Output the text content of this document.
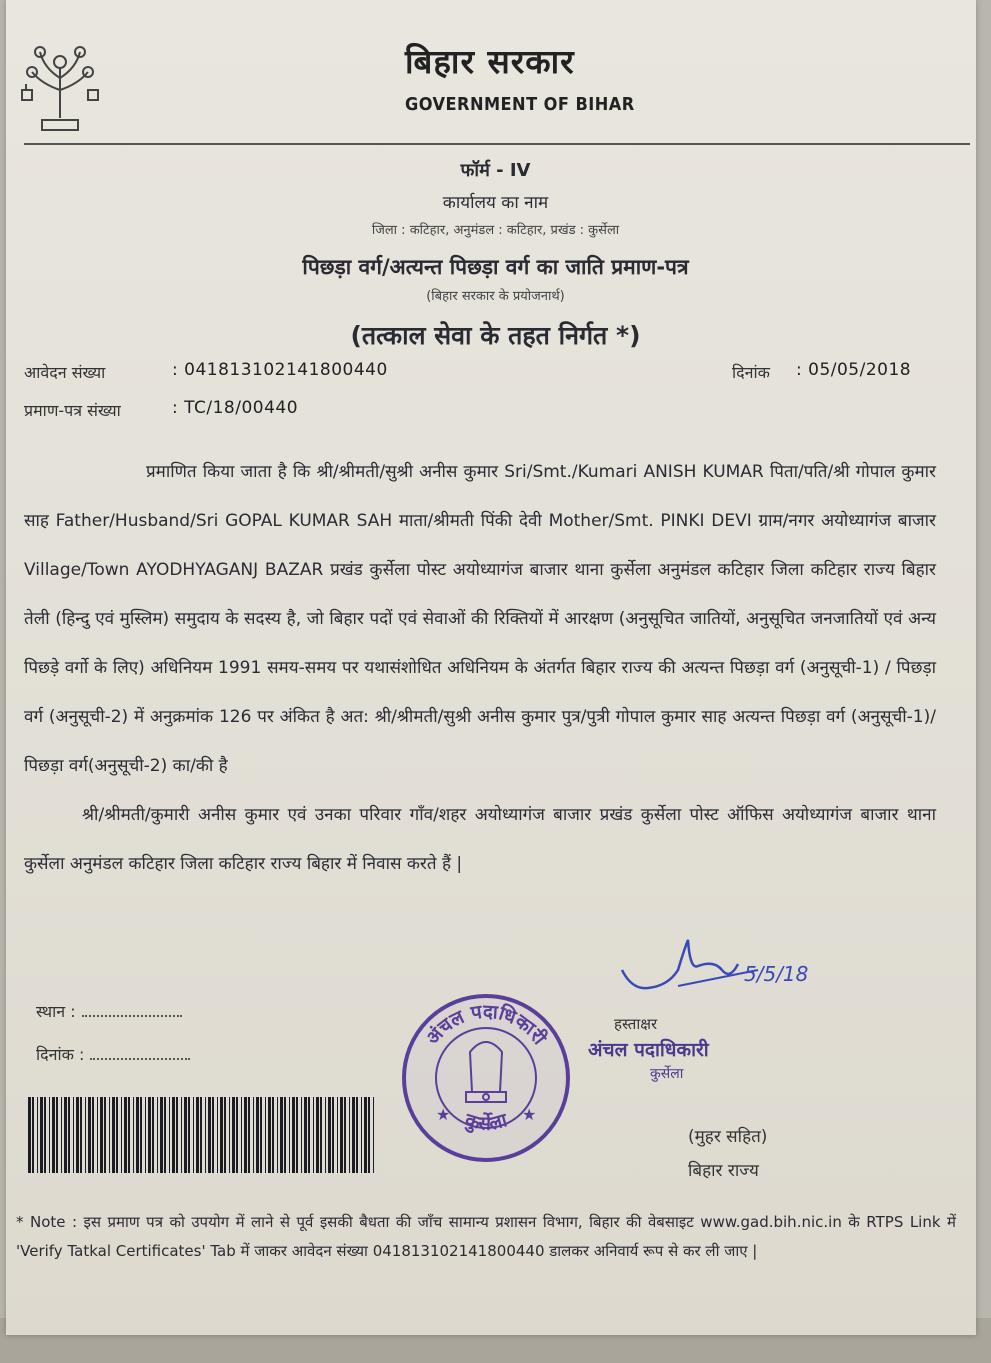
बिहार सरकार
GOVERNMENT OF BIHAR
फॉर्म - IV
कार्यालय का नाम
जिला : कटिहार, अनुमंडल : कटिहार, प्रखंड : कुर्सेला
पिछड़ा वर्ग/अत्यन्त पिछड़ा वर्ग का जाति प्रमाण-पत्र
(बिहार सरकार के प्रयोजनार्थ)
(तत्काल सेवा के तहत निर्गत *)
आवेदन संख्या	: 041813102141800440	दिनांक : 05/05/2018
प्रमाण-पत्र संख्या	: TC/18/00440
प्रमाणित किया जाता है कि श्री/श्रीमती/सुश्री अनीस कुमार Sri/Smt./Kumari ANISH KUMAR पिता/पति/श्री गोपाल कुमार साह Father/Husband/Sri GOPAL KUMAR SAH माता/श्रीमती पिंकी देवी Mother/Smt. PINKI DEVI ग्राम/नगर अयोध्यागंज बाजार Village/Town AYODHYAGANJ BAZAR प्रखंड कुर्सेला पोस्ट अयोध्यागंज बाजार थाना कुर्सेला अनुमंडल कटिहार जिला कटिहार राज्य बिहार तेली (हिन्दु एवं मुस्लिम) समुदाय के सदस्य है, जो बिहार पदों एवं सेवाओं की रिक्तियों में आरक्षण (अनुसूचित जातियों, अनुसूचित जनजातियों एवं अन्य पिछड़े वर्गो के लिए) अधिनियम 1991 समय-समय पर यथासंशोधित अधिनियम के अंतर्गत बिहार राज्य की अत्यन्त पिछड़ा वर्ग (अनुसूची-1) / पिछड़ा वर्ग (अनुसूची-2) में अनुक्रमांक 126 पर अंकित है अत: श्री/श्रीमती/सुश्री अनीस कुमार पुत्र/पुत्री गोपाल कुमार साह अत्यन्त पिछड़ा वर्ग (अनुसूची-1)/पिछड़ा वर्ग(अनुसूची-2) का/की है
श्री/श्रीमती/कुमारी अनीस कुमार एवं उनका परिवार गाँव/शहर अयोध्यागंज बाजार प्रखंड कुर्सेला पोस्ट ऑफिस अयोध्यागंज बाजार थाना कुर्सेला अनुमंडल कटिहार जिला कटिहार राज्य बिहार में निवास करते हैं |
5/5/18
स्थान :
दिनांक :
अंचल पदाधिकारी
कुर्सेला
★	★
हस्ताक्षर
अंचल पदाधिकारी
कुर्सेला
(मुहर सहित)
बिहार राज्य
* Note : इस प्रमाण पत्र को उपयोग में लाने से पूर्व इसकी बैधता की जाँच सामान्य प्रशासन विभाग, बिहार की वेबसाइट www.gad.bih.nic.in के RTPS Link में 'Verify Tatkal Certificates' Tab में जाकर आवेदन संख्या 041813102141800440 डालकर अनिवार्य रूप से कर ली जाए |
